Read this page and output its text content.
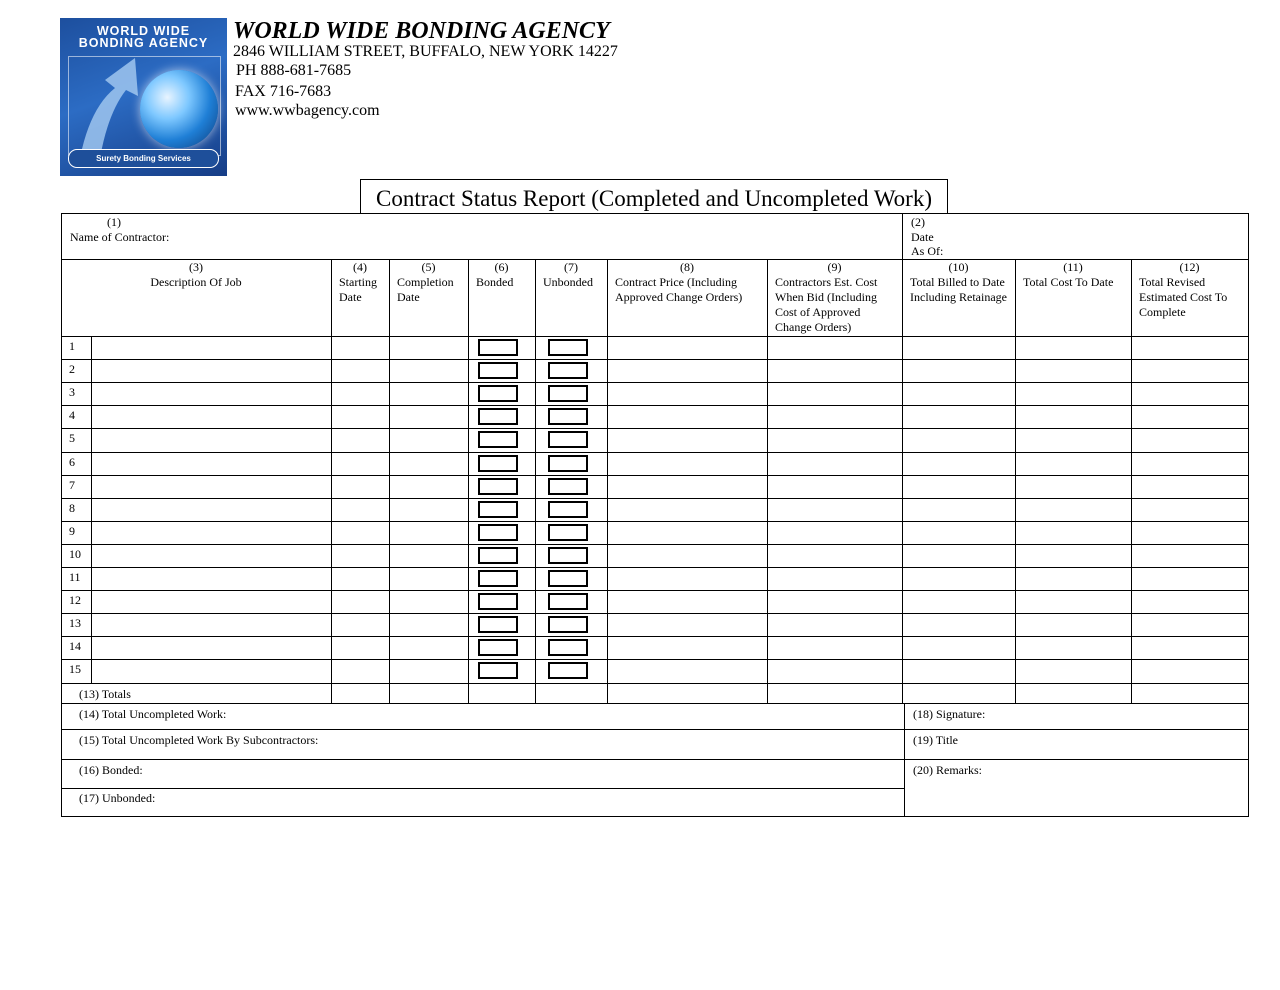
WORLD WIDE
BONDING AGENCY
Surety Bonding Services
WORLD WIDE BONDING AGENCY
2846 WILLIAM STREET, BUFFALO, NEW YORK 14227
PH 888-681-7685
FAX 716-7683
www.wwbagency.com
Contract Status Report (Completed and Uncompleted Work)
(1)
Name of Contractor:
(2)
Date
As Of:
(3)
Description Of Job
(4)
Starting Date
(5)
Completion Date
(6)
Bonded
(7)
Unbonded
(8)
Contract Price (Including Approved Change Orders)
(9)
Contractors Est. Cost When Bid (Including Cost of Approved Change Orders)
(10)
Total Billed to Date Including Retainage
(11)
Total Cost To Date
(12)
Total Revised Estimated Cost To Complete
1
2
3
4
5
6
7
8
9
10
11
12
13
14
15
(13) Totals
(14) Total Uncompleted Work:
(15) Total Uncompleted Work By Subcontractors:
(16) Bonded:
(17) Unbonded:
(18) Signature:
(19) Title
(20) Remarks:
